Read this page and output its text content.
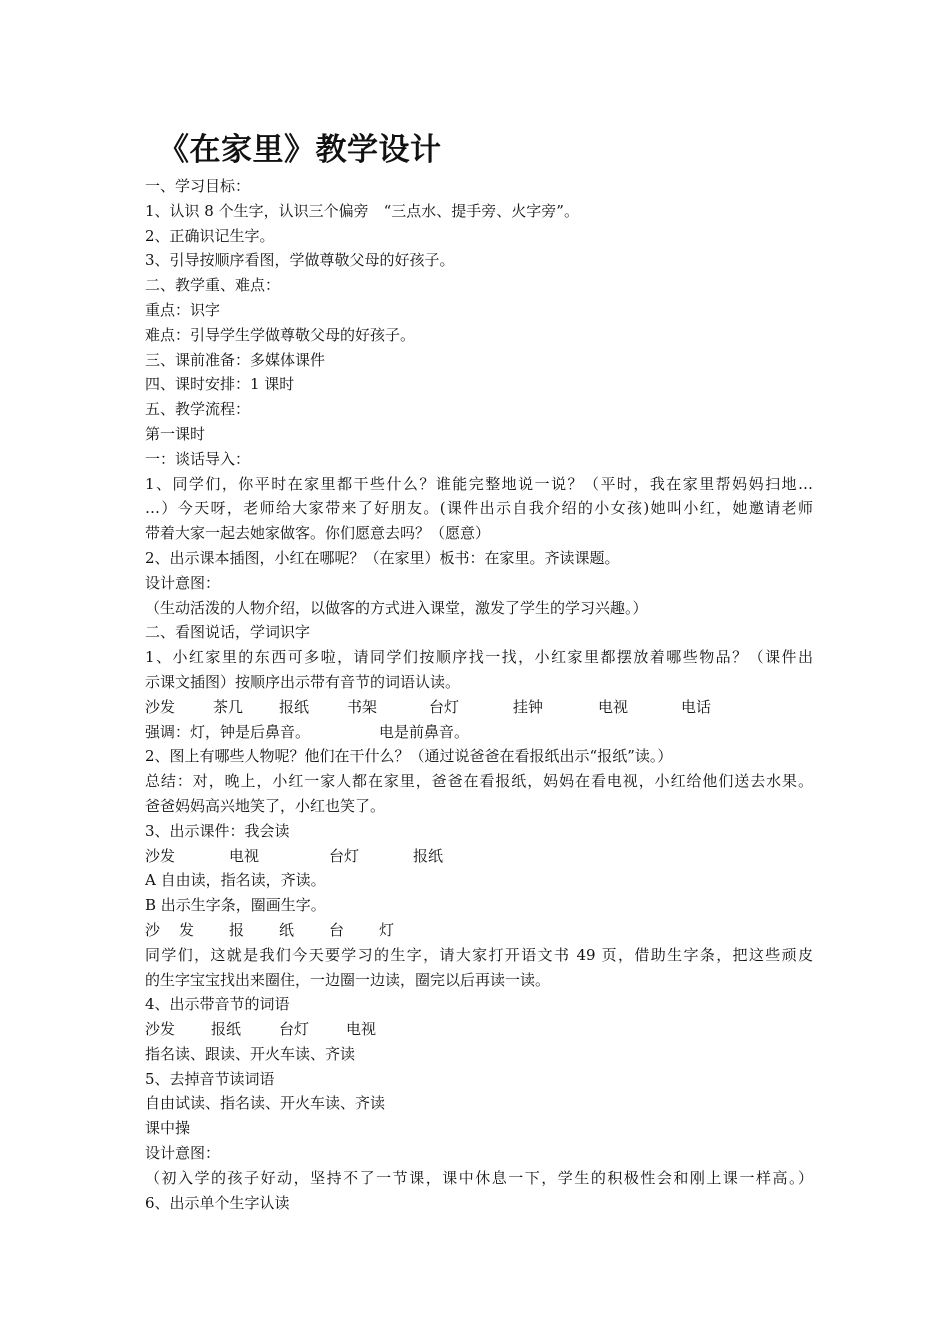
《在家里》教学设计
一、学习目标：
1、认识 8 个生字，认识三个偏旁　“三点水、提手旁、火字旁”。
2、正确识记生字。
3、引导按顺序看图，学做尊敬父母的好孩子。
二、教学重、难点：
重点：识字
难点：引导学生学做尊敬父母的好孩子。
三、课前准备：多媒体课件
四、课时安排：1 课时
五、教学流程：
第一课时
一：谈话导入：
1、同学们，你平时在家里都干些什么？谁能完整地说一说？（平时，我在家里帮妈妈扫地…
…）今天呀，老师给大家带来了好朋友。(课件出示自我介绍的小女孩)她叫小红，她邀请老师
带着大家一起去她家做客。你们愿意去吗？（愿意）
2、出示课本插图，小红在哪呢？（在家里）板书：在家里。齐读课题。
设计意图：
（生动活泼的人物介绍，以做客的方式进入课堂，激发了学生的学习兴趣。）
二、看图说话，学词识字
1、小红家里的东西可多啦，请同学们按顺序找一找，小红家里都摆放着哪些物品？（课件出
示课文插图）按顺序出示带有音节的词语认读。
沙发	茶几 报纸	书架	台灯	挂钟	电视	电话
强调：灯，钟是后鼻音。	电是前鼻音。
2、图上有哪些人物呢？他们在干什么？（通过说爸爸在看报纸出示“报纸”读。）
总结：对，晚上，小红一家人都在家里，爸爸在看报纸，妈妈在看电视，小红给他们送去水果。
爸爸妈妈高兴地笑了，小红也笑了。
3、出示课件：我会读
沙发	电视	台灯	报纸
A 自由读，指名读，齐读。
B 出示生字条，圈画生字。
沙 发 报 纸 台 灯
同学们，这就是我们今天要学习的生字，请大家打开语文书 49 页，借助生字条，把这些顽皮
的生字宝宝找出来圈住，一边圈一边读，圈完以后再读一读。
4、出示带音节的词语
沙发 报纸	台灯 电视
指名读、跟读、开火车读、齐读
5、去掉音节读词语
自由试读、指名读、开火车读、齐读
课中操
设计意图：
（初入学的孩子好动，坚持不了一节课，课中休息一下，学生的积极性会和刚上课一样高。）
6、出示单个生字认读
